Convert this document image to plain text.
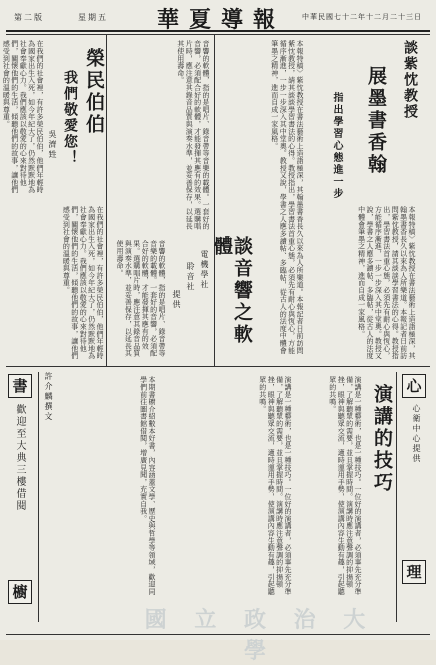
第二版	星期五	華夏導報	中華民國七十二年十二月二十三日
談紫忱教授
展墨書香翰
指出學習心態進一步
本報特稿〉紫忱教授在書法藝術上造詣極深，其翰墨書香長久以來為人所樂道。本報記者日前訪問紫忱教授，請其談談學習書法的心得。教授指出，學習書法首重心態，必須先有耐心與恆心，方能循序漸進，一步一步深入其中堂奧。教授又說，學書之人應多讀帖、多臨帖，從古人的法度中體會筆墨之精神，進而自成一家風格。
本報特稿〉紫忱教授在書法藝術上造詣極深，其翰墨書香長久以來為人所樂道。本報記者日前訪問紫忱教授，請其談談學習書法的心得。教授指出，學習書法首重心態，必須先有耐心與恆心，方能循序漸進，一步一步深入其中堂奧。教授又說，學書之人應多讀帖、多臨帖，從古人的法度中體會筆墨之精神，進而自成一家風格。
談音響之軟體
電機學社
聆音社
提供
音響的軟體，指的是唱片、錄音帶等音樂的載體。一套好的音響，必須配合好的軟體，才能發揮其應有的效果。選購唱片時，應注意其錄音品質與演奏水準，並妥善保存，以延長其使用壽命。
音響的軟體，指的是唱片、錄音帶等音樂的載體。一套好的音響，必須配合好的軟體，才能發揮其應有的效果。選購唱片時，應注意其錄音品質與演奏水準，並妥善保存，以延長其使用壽命。
榮民伯伯
我們敬愛您！
吳濟甡
在我們的社會裡，有許多榮民伯伯，他們年輕時為國家出生入死，如今年紀大了，仍然默默地為社會奉獻心力。我們應該以敬愛的心來對待他們，關懷他們的生活，傾聽他們的故事，讓他們感受到社會的溫暖與尊重。
在我們的社會裡，有許多榮民伯伯，他們年輕時為國家出生入死，如今年紀大了，仍然默默地為社會奉獻心力。我們應該以敬愛的心來對待他們，關懷他們的生活，傾聽他們的故事，讓他們感受到社會的溫暖與尊重。
心
心衛中心提供
理
演講的技巧
演講是一種藝術，也是一種技巧。一位好的演講者，必須事先充分準備，了解聽眾的需要，並且掌握時間。演講時應注意聲調的抑揚頓挫，眼神與聽眾交流，適時運用手勢，使演講內容生動有趣，引起聽眾的共鳴。
演講是一種藝術，也是一種技巧。一位好的演講者，必須事先充分準備，了解聽眾的需要，並且掌握時間。演講時應注意聲調的抑揚頓挫，眼神與聽眾交流，適時運用手勢，使演講內容生動有趣，引起聽眾的共鳴。
書
歡迎至大典三樓借閱
櫥
許介麟撰文	本期書櫥介紹數本好書，內容涵蓋文學、歷史與哲學等領域，歡迎同學們前往圖書館借閱，增廣見聞，充實自我。
國 立 政 治 大 學
